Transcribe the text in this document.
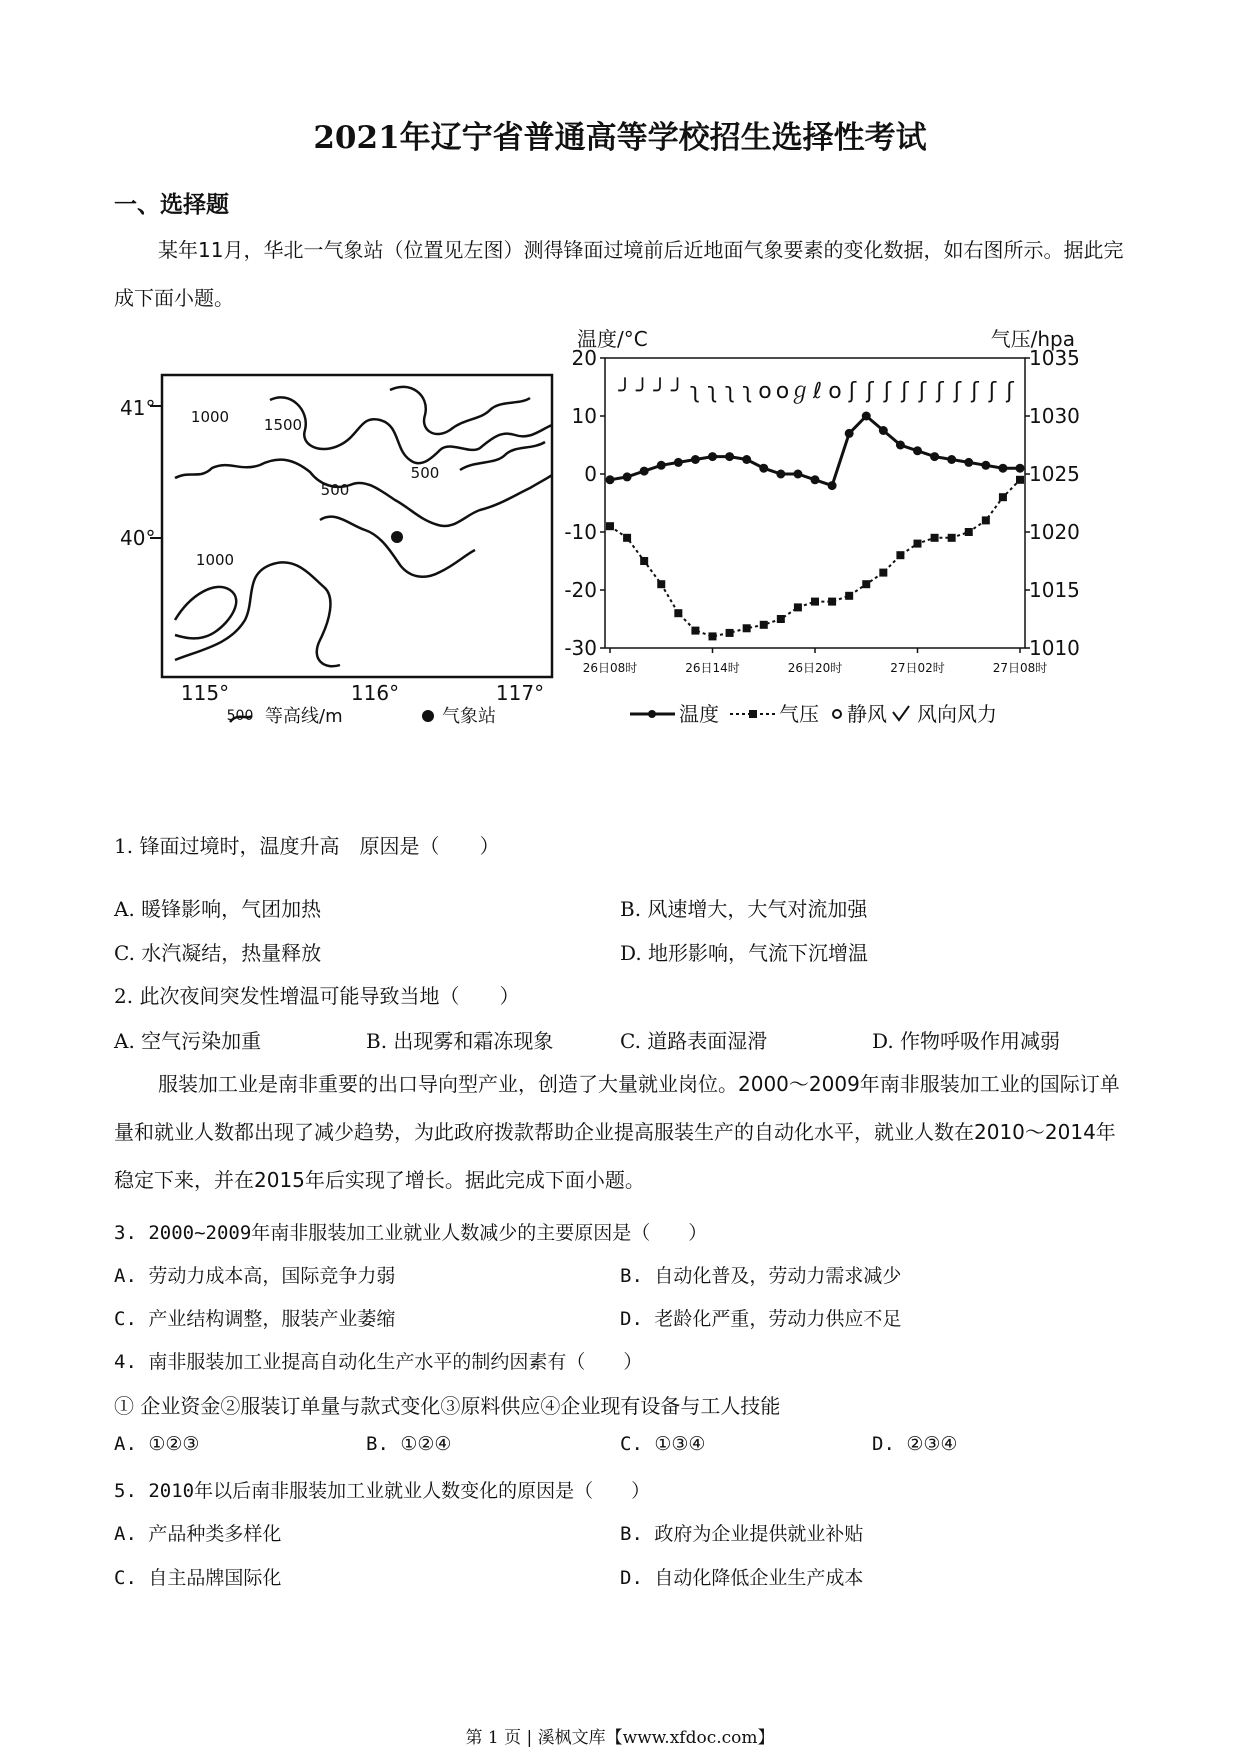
2021年辽宁省普通高等学校招生选择性考试
一、选择题
某年11月，华北一气象站（位置见左图）测得锋面过境前后近地面气象要素的变化数据，如右图所示。据此完成下面小题。
1000 1500
500
500
1000
41°
40°
115°	116°	117°
500 等高线/m	气象站
温度/°C	气压/hpa
20
10
0
-10
-20
-30
1035
1030
1025
1020
1015
1010
26日08时	26日14时	26日20时	27日02时	27日08时
╯ ╯ ╯ ╯ ʅ ʅ ʅ ʅ o o ℊ ℓ o ʃ ʃ ʃ ʃ ʃ ʃ ʃ ʃ ʃ ʃ
温度	气压 静风 风向风力
1. 锋面过境时，温度升高　原因是（　　）
A. 暖锋影响，气团加热	B. 风速增大，大气对流加强
C. 水汽凝结，热量释放	D. 地形影响，气流下沉增温
2. 此次夜间突发性增温可能导致当地（　　）
A. 空气污染加重	B. 出现雾和霜冻现象	C. 道路表面湿滑	D. 作物呼吸作用减弱
服装加工业是南非重要的出口导向型产业，创造了大量就业岗位。2000～2009年南非服装加工业的国际订单量和就业人数都出现了减少趋势，为此政府拨款帮助企业提高服装生产的自动化水平，就业人数在2010～2014年稳定下来，并在2015年后实现了增长。据此完成下面小题。
3. 2000~2009年南非服装加工业就业人数减少的主要原因是（　　）
A. 劳动力成本高，国际竞争力弱	B. 自动化普及，劳动力需求减少
C. 产业结构调整，服装产业萎缩	D. 老龄化严重，劳动力供应不足
4. 南非服装加工业提高自动化生产水平的制约因素有（　　）
① 企业资金②服装订单量与款式变化③原料供应④企业现有设备与工人技能
A. ①②③	B. ①②④	C. ①③④	D. ②③④
5. 2010年以后南非服装加工业就业人数变化的原因是（　　）
A. 产品种类多样化	B. 政府为企业提供就业补贴
C. 自主品牌国际化	D. 自动化降低企业生产成本
第 1 页 | 溪枫文库【www.xfdoc.com】
